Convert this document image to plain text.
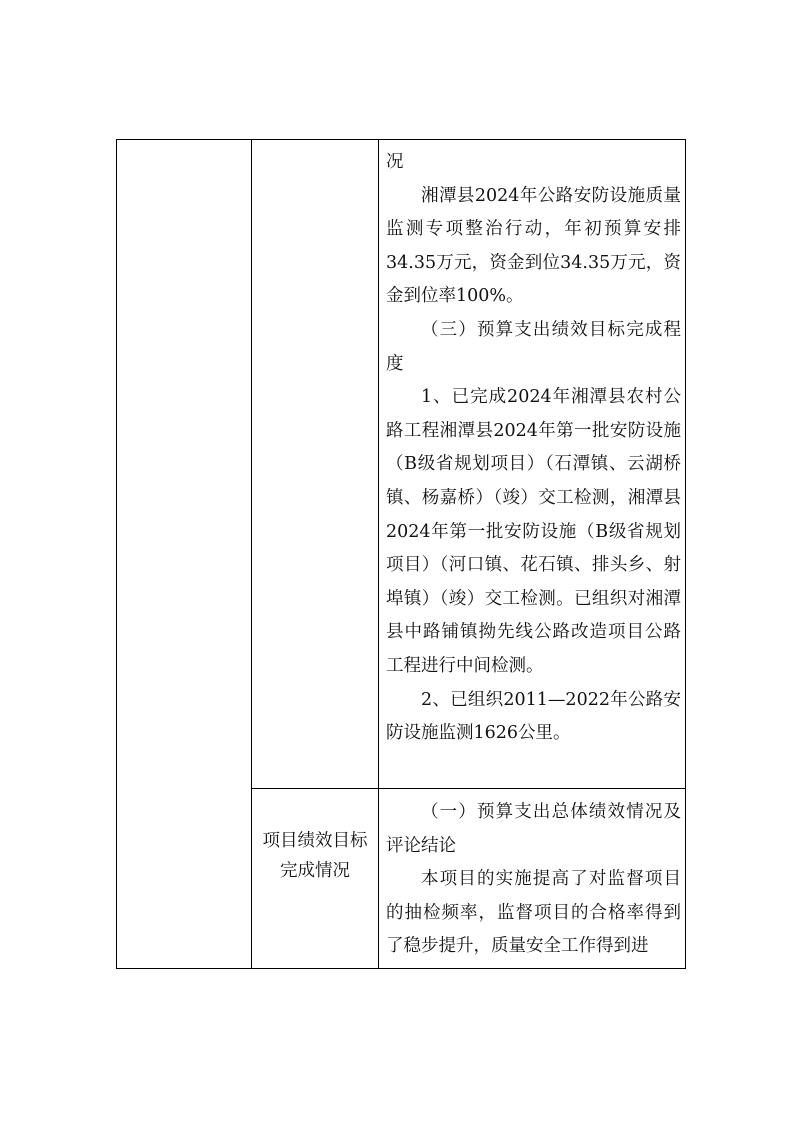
况

湘潭县2024年公路安防设施质量监测专项整治行动，年初预算安排34.35万元，资金到位34.35万元，资金到位率100%。

（三）预算支出绩效目标完成程度

1、已完成2024年湘潭县农村公路工程湘潭县2024年第一批安防设施（B级省规划项目）（石潭镇、云湖桥镇、杨嘉桥）（竣）交工检测，湘潭县2024年第一批安防设施（B级省规划项目）（河口镇、花石镇、排头乡、射埠镇）（竣）交工检测。已组织对湘潭县中路铺镇拗先线公路改造项目公路工程进行中间检测。

2、已组织2011—2022年公路安防设施监测1626公里。

项目绩效目标
完成情况

（一）预算支出总体绩效情况及评论结论

本项目的实施提高了对监督项目的抽检频率，监督项目的合格率得到了稳步提升，质量安全工作得到进
